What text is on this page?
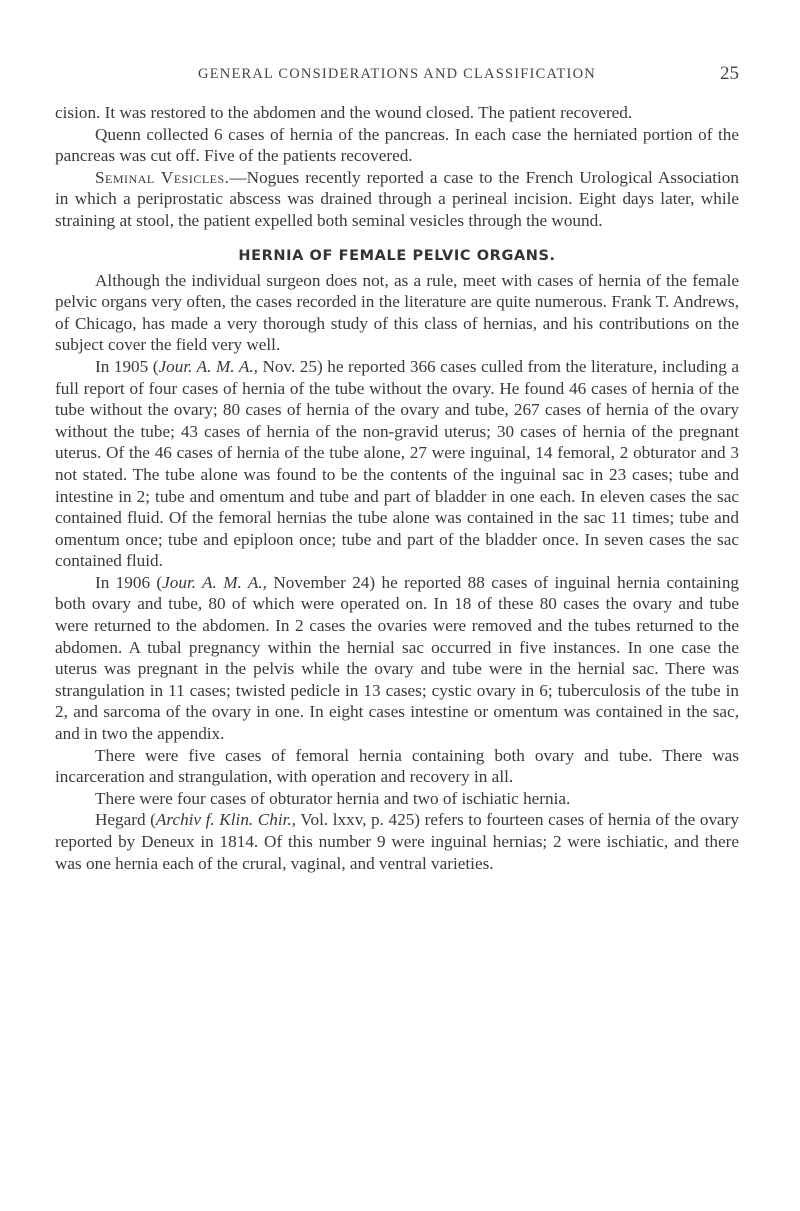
GENERAL CONSIDERATIONS AND CLASSIFICATION	25

cision. It was restored to the abdomen and the wound closed. The patient recovered.

Quenn collected 6 cases of hernia of the pancreas. In each case the herniated portion of the pancreas was cut off. Five of the patients recovered.

Seminal Vesicles.—Nogues recently reported a case to the French Urological Association in which a periprostatic abscess was drained through a perineal incision. Eight days later, while straining at stool, the patient expelled both seminal vesicles through the wound.

HERNIA OF FEMALE PELVIC ORGANS.

Although the individual surgeon does not, as a rule, meet with cases of hernia of the female pelvic organs very often, the cases recorded in the literature are quite numerous. Frank T. Andrews, of Chicago, has made a very thorough study of this class of hernias, and his contributions on the subject cover the field very well.

In 1905 (Jour. A. M. A., Nov. 25) he reported 366 cases culled from the literature, including a full report of four cases of hernia of the tube without the ovary. He found 46 cases of hernia of the tube without the ovary; 80 cases of hernia of the ovary and tube, 267 cases of hernia of the ovary without the tube; 43 cases of hernia of the non-gravid uterus; 30 cases of hernia of the pregnant uterus. Of the 46 cases of hernia of the tube alone, 27 were inguinal, 14 femoral, 2 obturator and 3 not stated. The tube alone was found to be the contents of the inguinal sac in 23 cases; tube and intestine in 2; tube and omentum and tube and part of bladder in one each. In eleven cases the sac contained fluid. Of the femoral hernias the tube alone was contained in the sac 11 times; tube and omentum once; tube and epiploon once; tube and part of the bladder once. In seven cases the sac contained fluid.

In 1906 (Jour. A. M. A., November 24) he reported 88 cases of inguinal hernia containing both ovary and tube, 80 of which were operated on. In 18 of these 80 cases the ovary and tube were returned to the abdomen. In 2 cases the ovaries were removed and the tubes returned to the abdomen. A tubal pregnancy within the hernial sac occurred in five instances. In one case the uterus was pregnant in the pelvis while the ovary and tube were in the hernial sac. There was strangulation in 11 cases; twisted pedicle in 13 cases; cystic ovary in 6; tuberculosis of the tube in 2, and sarcoma of the ovary in one. In eight cases intestine or omentum was contained in the sac, and in two the appendix.

There were five cases of femoral hernia containing both ovary and tube. There was incarceration and strangulation, with operation and recovery in all.

There were four cases of obturator hernia and two of ischiatic hernia.

Hegard (Archiv f. Klin. Chir., Vol. lxxv, p. 425) refers to fourteen cases of hernia of the ovary reported by Deneux in 1814. Of this number 9 were inguinal hernias; 2 were ischiatic, and there was one hernia each of the crural, vaginal, and ventral varieties.
